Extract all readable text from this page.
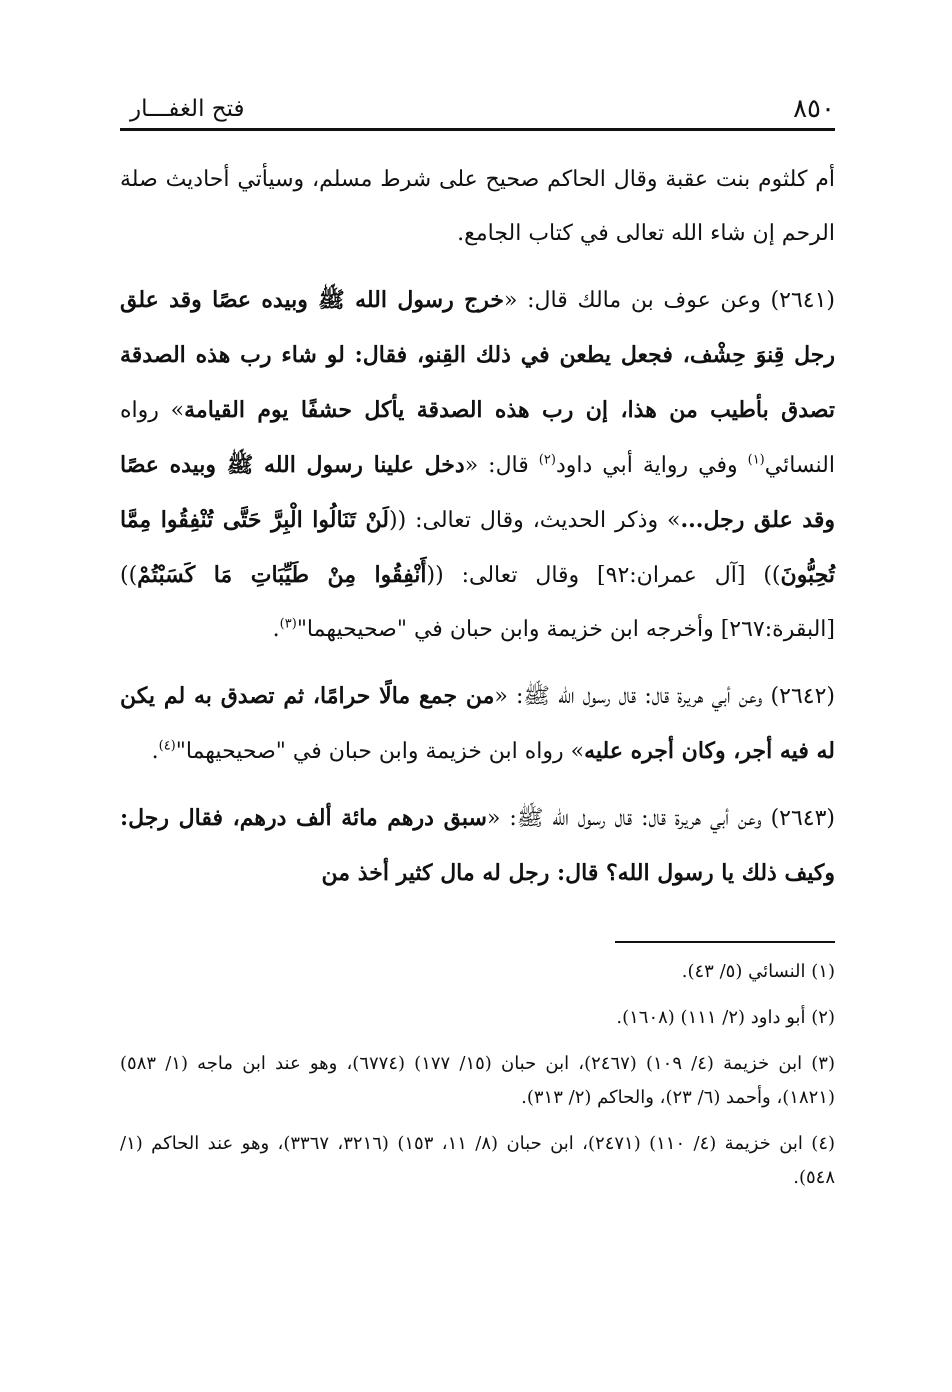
٨٥٠
فتح الغفـــار

أم كلثوم بنت عقبة وقال الحاكم صحيح على شرط مسلم، وسيأتي أحاديث صلة الرحم إن شاء الله تعالى في كتاب الجامع.

(٢٦٤١) وعن عوف بن مالك قال: «خرج رسول الله ﷺ وبيده عصًا وقد علق رجل قِنوَ حِشْف، فجعل يطعن في ذلك القِنو، فقال: لو شاء رب هذه الصدقة تصدق بأطيب من هذا، إن رب هذه الصدقة يأكل حشفًا يوم القيامة» رواه النسائي$^{(١)}$ وفي رواية أبي داود$^{(٢)}$ قال: «دخل علينا رسول الله ﷺ وبيده عصًا وقد علق رجل...» وذكر الحديث، وقال تعالى: ((لَنْ تَنَالُوا الْبِرَّ حَتَّى تُنْفِقُوا مِمَّا تُحِبُّونَ)) [آل عمران:٩٢] وقال تعالى: ((أَنْفِقُوا مِنْ طَيِّبَاتِ مَا كَسَبْتُمْ))[البقرة:٢٦٧] وأخرجه ابن خزيمة وابن حبان في "صحيحيهما"$^{(٣)}$.

(٢٦٤٢) وعن أبي هريرة قال: قال رسول الله ﷺ: «من جمع مالًا حرامًا، ثم تصدق به لم يكن له فيه أجر، وكان أجره عليه» رواه ابن خزيمة وابن حبان في "صحيحيهما"$^{(٤)}$.

(٢٦٤٣) وعن أبي هريرة قال: قال رسول الله ﷺ: «سبق درهم مائة ألف درهم، فقال رجل: وكيف ذلك يا رسول الله؟ قال: رجل له مال كثير أخذ من

(١) النسائي (٥/ ٤٣).

(٢) أبو داود (٢/ ١١١) (١٦٠٨).

(٣) ابن خزيمة (٤/ ١٠٩) (٢٤٦٧)، ابن حبان (١٥/ ١٧٧) (٦٧٧٤)، وهو عند ابن ماجه (١/ ٥٨٣) (١٨٢١)، وأحمد (٦/ ٢٣)، والحاكم (٢/ ٣١٣).

(٤) ابن خزيمة (٤/ ١١٠) (٢٤٧١)، ابن حبان (٨/ ١١، ١٥٣) (٣٢١٦، ٣٣٦٧)، وهو عند الحاكم (١/ ٥٤٨).
